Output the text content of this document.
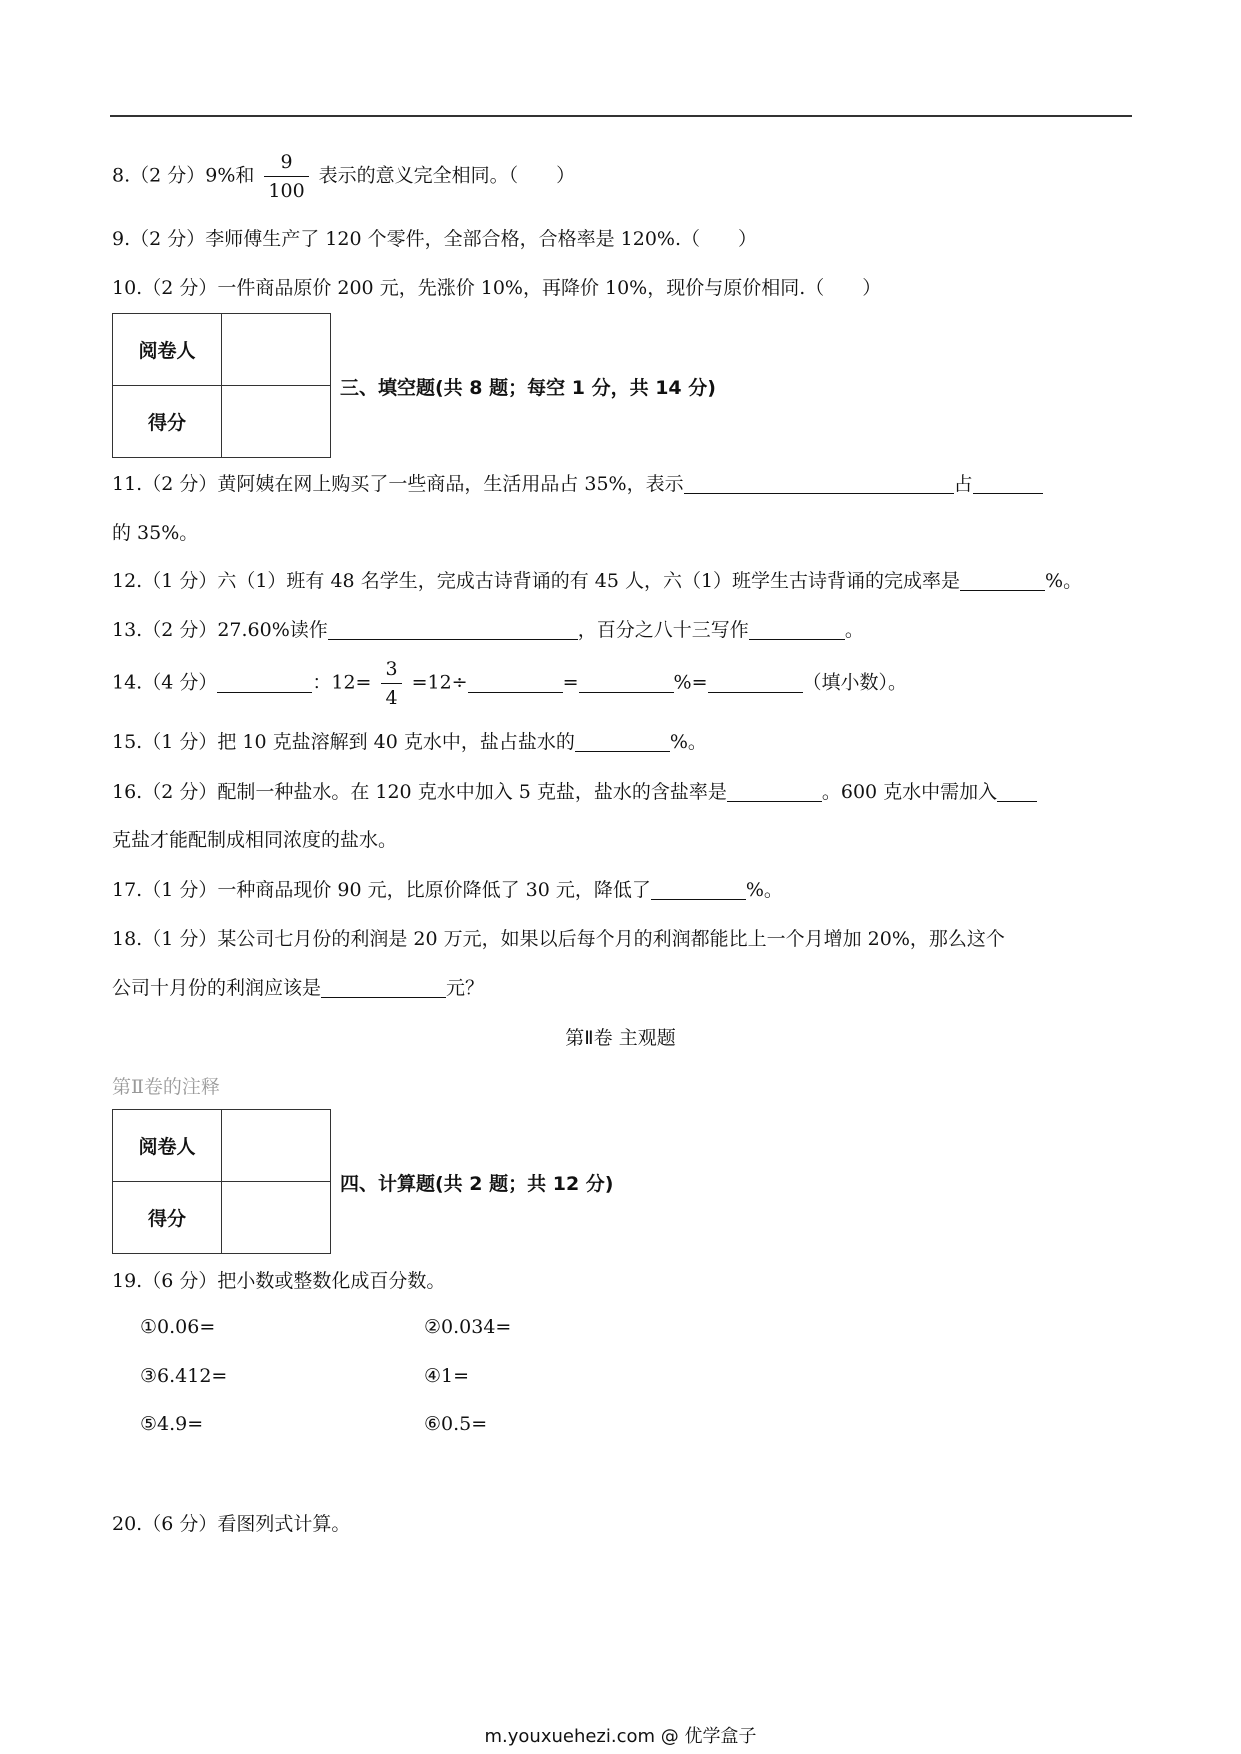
8.（2 分）9%和 $\frac{9}{100}$ 表示的意义完全相同。（　　）
9.（2 分）李师傅生产了 120 个零件，全部合格，合格率是 120%.（　　）
10.（2 分）一件商品原价 200 元，先涨价 10%，再降价 10%，现价与原价相同.（　　）
阅卷人	
得分	
三、填空题(共 8 题；每空 1 分，共 14 分)
11.（2 分）黄阿姨在网上购买了一些商品，生活用品占 35%，表示	占
的 35%。
12.（1 分）六（1）班有 48 名学生，完成古诗背诵的有 45 人，六（1）班学生古诗背诵的完成率是	%。
13.（2 分）27.60%读作	，百分之八十三写作	。
14.（4 分）	：$12= \frac{3}{4} =12\div$	=	%=	（填小数）。
15.（1 分）把 10 克盐溶解到 40 克水中，盐占盐水的	%。
16.（2 分）配制一种盐水。在 120 克水中加入 5 克盐，盐水的含盐率是	。600 克水中需加入
克盐才能配制成相同浓度的盐水。
17.（1 分）一种商品现价 90 元，比原价降低了 30 元，降低了	%。
18.（1 分）某公司七月份的利润是 20 万元，如果以后每个月的利润都能比上一个月增加 20%，那么这个
公司十月份的利润应该是	元？
第Ⅱ卷 主观题
第Ⅱ卷的注释
阅卷人	
得分	
四、计算题(共 2 题；共 12 分)
19.（6 分）把小数或整数化成百分数。
①0.06=	②0.034=
③6.412=	④1=
⑤4.9=	⑥0.5=
20.（6 分）看图列式计算。
m.youxuehezi.com @ 优学盒子
